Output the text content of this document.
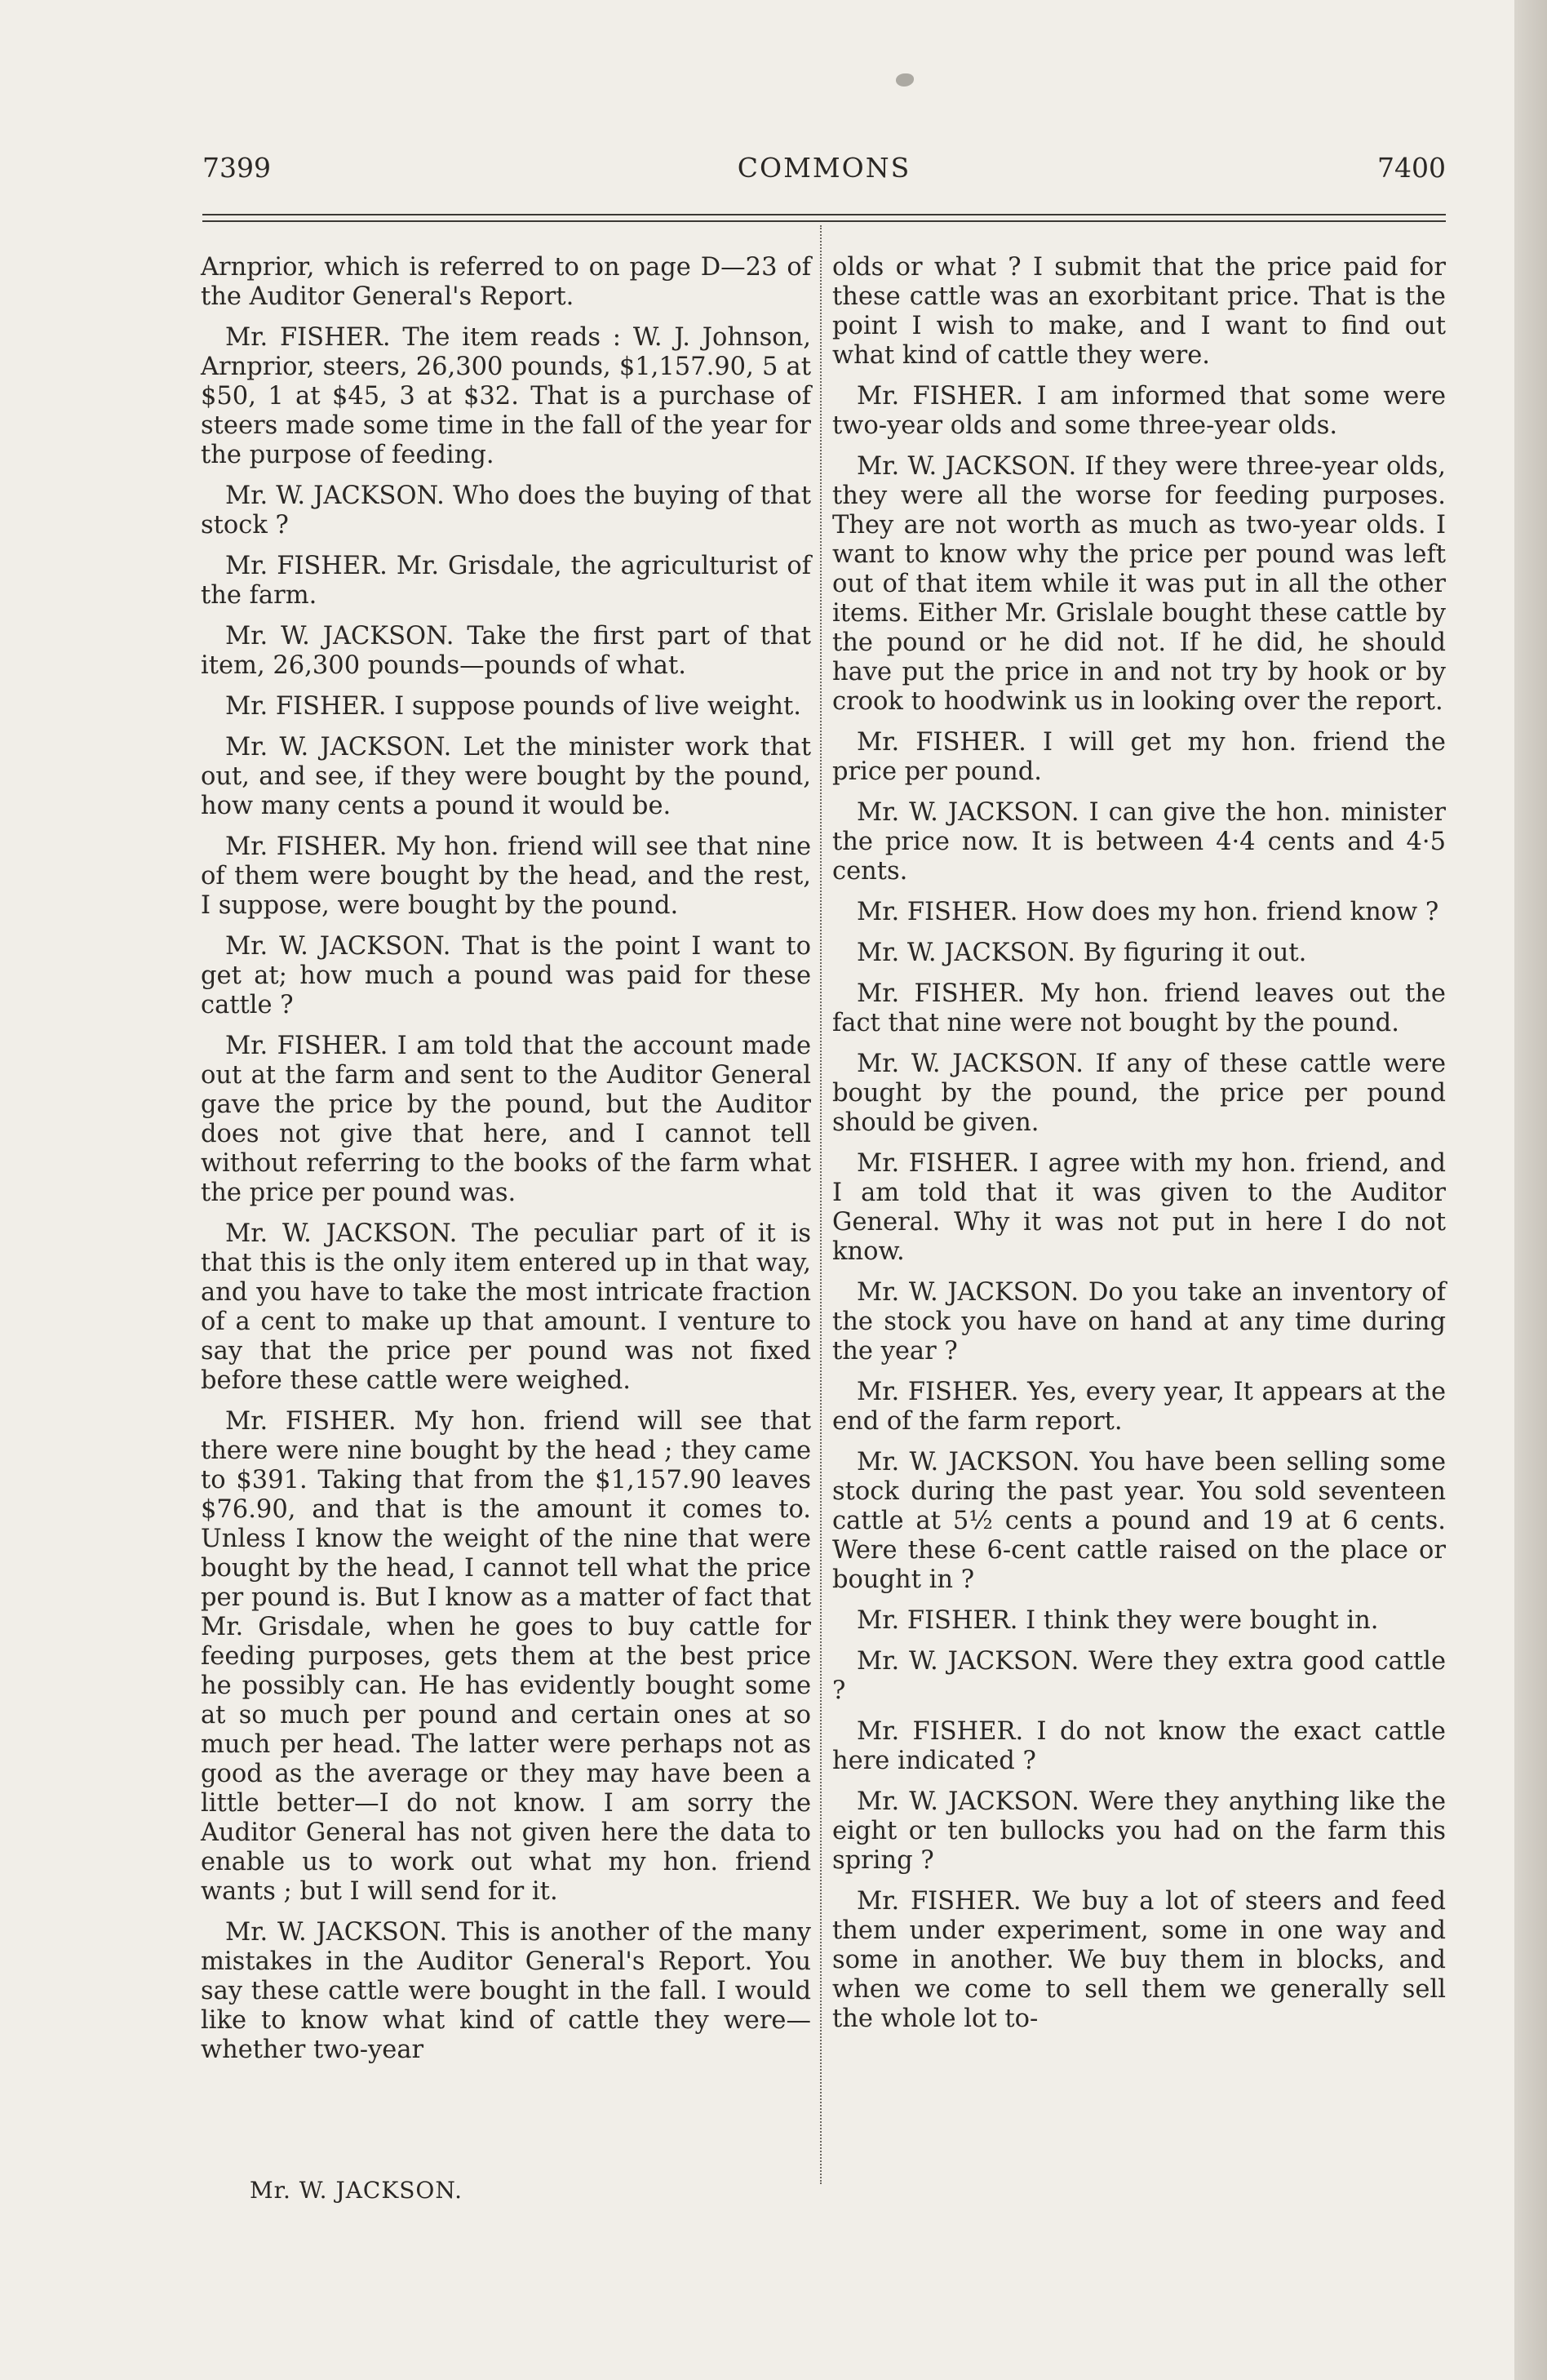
7399	COMMONS	7400

Arnprior, which is referred to on page D—23 of the Auditor General's Report.

Mr. FISHER. The item reads : W. J. Johnson, Arnprior, steers, 26,300 pounds, $1,157.90, 5 at $50, 1 at $45, 3 at $32. That is a purchase of steers made some time in the fall of the year for the purpose of feeding.

Mr. W. JACKSON. Who does the buying of that stock ?

Mr. FISHER. Mr. Grisdale, the agriculturist of the farm.

Mr. W. JACKSON. Take the first part of that item, 26,300 pounds—pounds of what.

Mr. FISHER. I suppose pounds of live weight.

Mr. W. JACKSON. Let the minister work that out, and see, if they were bought by the pound, how many cents a pound it would be.

Mr. FISHER. My hon. friend will see that nine of them were bought by the head, and the rest, I suppose, were bought by the pound.

Mr. W. JACKSON. That is the point I want to get at; how much a pound was paid for these cattle ?

Mr. FISHER. I am told that the account made out at the farm and sent to the Auditor General gave the price by the pound, but the Auditor does not give that here, and I cannot tell without referring to the books of the farm what the price per pound was.

Mr. W. JACKSON. The peculiar part of it is that this is the only item entered up in that way, and you have to take the most intricate fraction of a cent to make up that amount. I venture to say that the price per pound was not fixed before these cattle were weighed.

Mr. FISHER. My hon. friend will see that there were nine bought by the head ; they came to $391. Taking that from the $1,157.90 leaves $76.90, and that is the amount it comes to. Unless I know the weight of the nine that were bought by the head, I cannot tell what the price per pound is. But I know as a matter of fact that Mr. Grisdale, when he goes to buy cattle for feeding purposes, gets them at the best price he possibly can. He has evidently bought some at so much per pound and certain ones at so much per head. The latter were perhaps not as good as the average or they may have been a little better—I do not know. I am sorry the Auditor General has not given here the data to enable us to work out what my hon. friend wants ; but I will send for it.

Mr. W. JACKSON. This is another of the many mistakes in the Auditor General's Report. You say these cattle were bought in the fall. I would like to know what kind of cattle they were—whether two-year

olds or what ? I submit that the price paid for these cattle was an exorbitant price. That is the point I wish to make, and I want to find out what kind of cattle they were.

Mr. FISHER. I am informed that some were two-year olds and some three-year olds.

Mr. W. JACKSON. If they were three-year olds, they were all the worse for feeding purposes. They are not worth as much as two-year olds. I want to know why the price per pound was left out of that item while it was put in all the other items. Either Mr. Grislale bought these cattle by the pound or he did not. If he did, he should have put the price in and not try by hook or by crook to hoodwink us in looking over the report.

Mr. FISHER. I will get my hon. friend the price per pound.

Mr. W. JACKSON. I can give the hon. minister the price now. It is between 4·4 cents and 4·5 cents.

Mr. FISHER. How does my hon. friend know ?

Mr. W. JACKSON. By figuring it out.

Mr. FISHER. My hon. friend leaves out the fact that nine were not bought by the pound.

Mr. W. JACKSON. If any of these cattle were bought by the pound, the price per pound should be given.

Mr. FISHER. I agree with my hon. friend, and I am told that it was given to the Auditor General. Why it was not put in here I do not know.

Mr. W. JACKSON. Do you take an inventory of the stock you have on hand at any time during the year ?

Mr. FISHER. Yes, every year, It appears at the end of the farm report.

Mr. W. JACKSON. You have been selling some stock during the past year. You sold seventeen cattle at 5½ cents a pound and 19 at 6 cents. Were these 6-cent cattle raised on the place or bought in ?

Mr. FISHER. I think they were bought in.

Mr. W. JACKSON. Were they extra good cattle ?

Mr. FISHER. I do not know the exact cattle here indicated ?

Mr. W. JACKSON. Were they anything like the eight or ten bullocks you had on the farm this spring ?

Mr. FISHER. We buy a lot of steers and feed them under experiment, some in one way and some in another. We buy them in blocks, and when we come to sell them we generally sell the whole lot to-

Mr. W. JACKSON.
